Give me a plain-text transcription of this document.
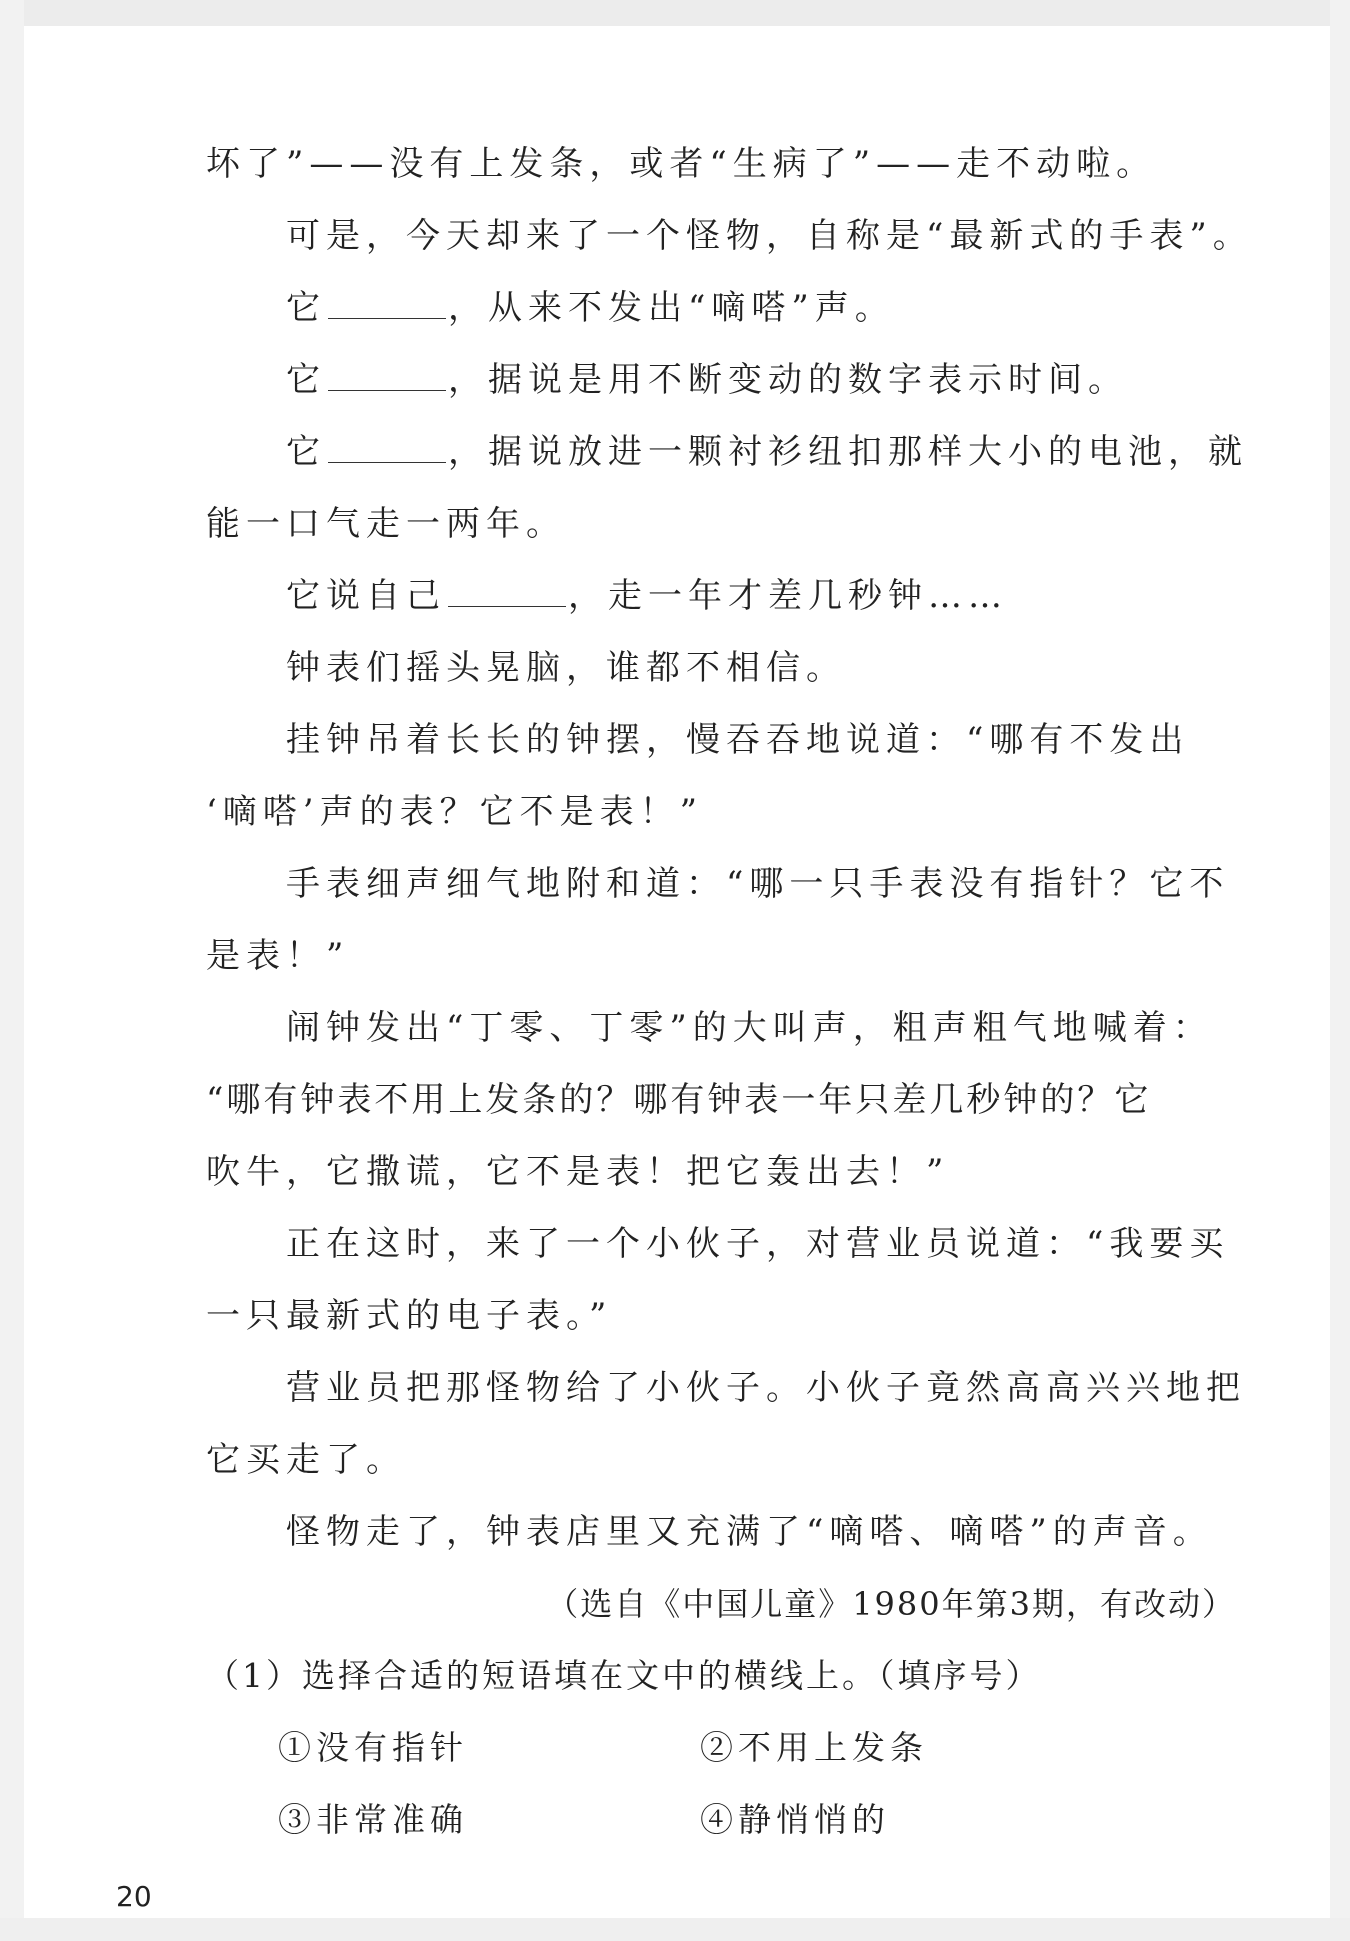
坏了”——没有上发条，或者“生病了”——走不动啦。
可是，今天却来了一个怪物，自称是“最新式的手表”。
它	，从来不发出“嘀嗒”声。
它	，据说是用不断变动的数字表示时间。
它	，据说放进一颗衬衫纽扣那样大小的电池，就
能一口气走一两年。
它说自己	，走一年才差几秒钟……
钟表们摇头晃脑，谁都不相信。
挂钟吊着长长的钟摆，慢吞吞地说道：“哪有不发出
‘嘀嗒’声的表？它不是表！”
手表细声细气地附和道：“哪一只手表没有指针？它不
是表！”
闹钟发出“丁零、丁零”的大叫声，粗声粗气地喊着：
“哪有钟表不用上发条的？哪有钟表一年只差几秒钟的？它
吹牛，它撒谎，它不是表！把它轰出去！”
正在这时，来了一个小伙子，对营业员说道：“我要买
一只最新式的电子表。”
营业员把那怪物给了小伙子。小伙子竟然高高兴兴地把
它买走了。
怪物走了，钟表店里又充满了“嘀嗒、嘀嗒”的声音。
（选自《中国儿童》1980年第3期，有改动）
（1）选择合适的短语填在文中的横线上。（填序号）
①没有指针	②不用上发条
③非常准确	④静悄悄的
20
